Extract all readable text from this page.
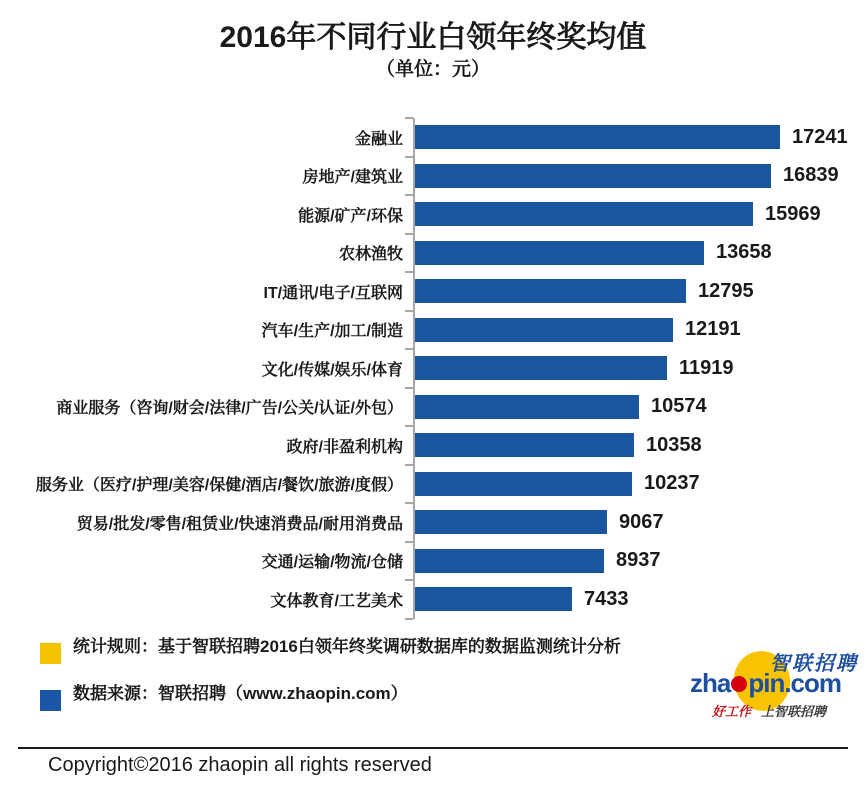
2016年不同行业白领年终奖均值
（单位：元）
金融业	17241
房地产/建筑业	16839
能源/矿产/环保	15969
农林渔牧	13658
IT/通讯/电子/互联网	12795
汽车/生产/加工/制造	12191
文化/传媒/娱乐/体育	11919
商业服务（咨询/财会/法律/广告/公关/认证/外包）	10574
政府/非盈利机构	10358
服务业（医疗/护理/美容/保健/酒店/餐饮/旅游/度假）	10237
贸易/批发/零售/租赁业/快速消费品/耐用消费品	9067
交通/运输/物流/仓储	8937
文体教育/工艺美术	7433
统计规则：基于智联招聘2016白领年终奖调研数据库的数据监测统计分析
数据来源：智联招聘（www.zhaopin.com）
智联招聘
zha pin.com
好工作 上智联招聘
Copyright©2016 zhaopin all rights reserved
